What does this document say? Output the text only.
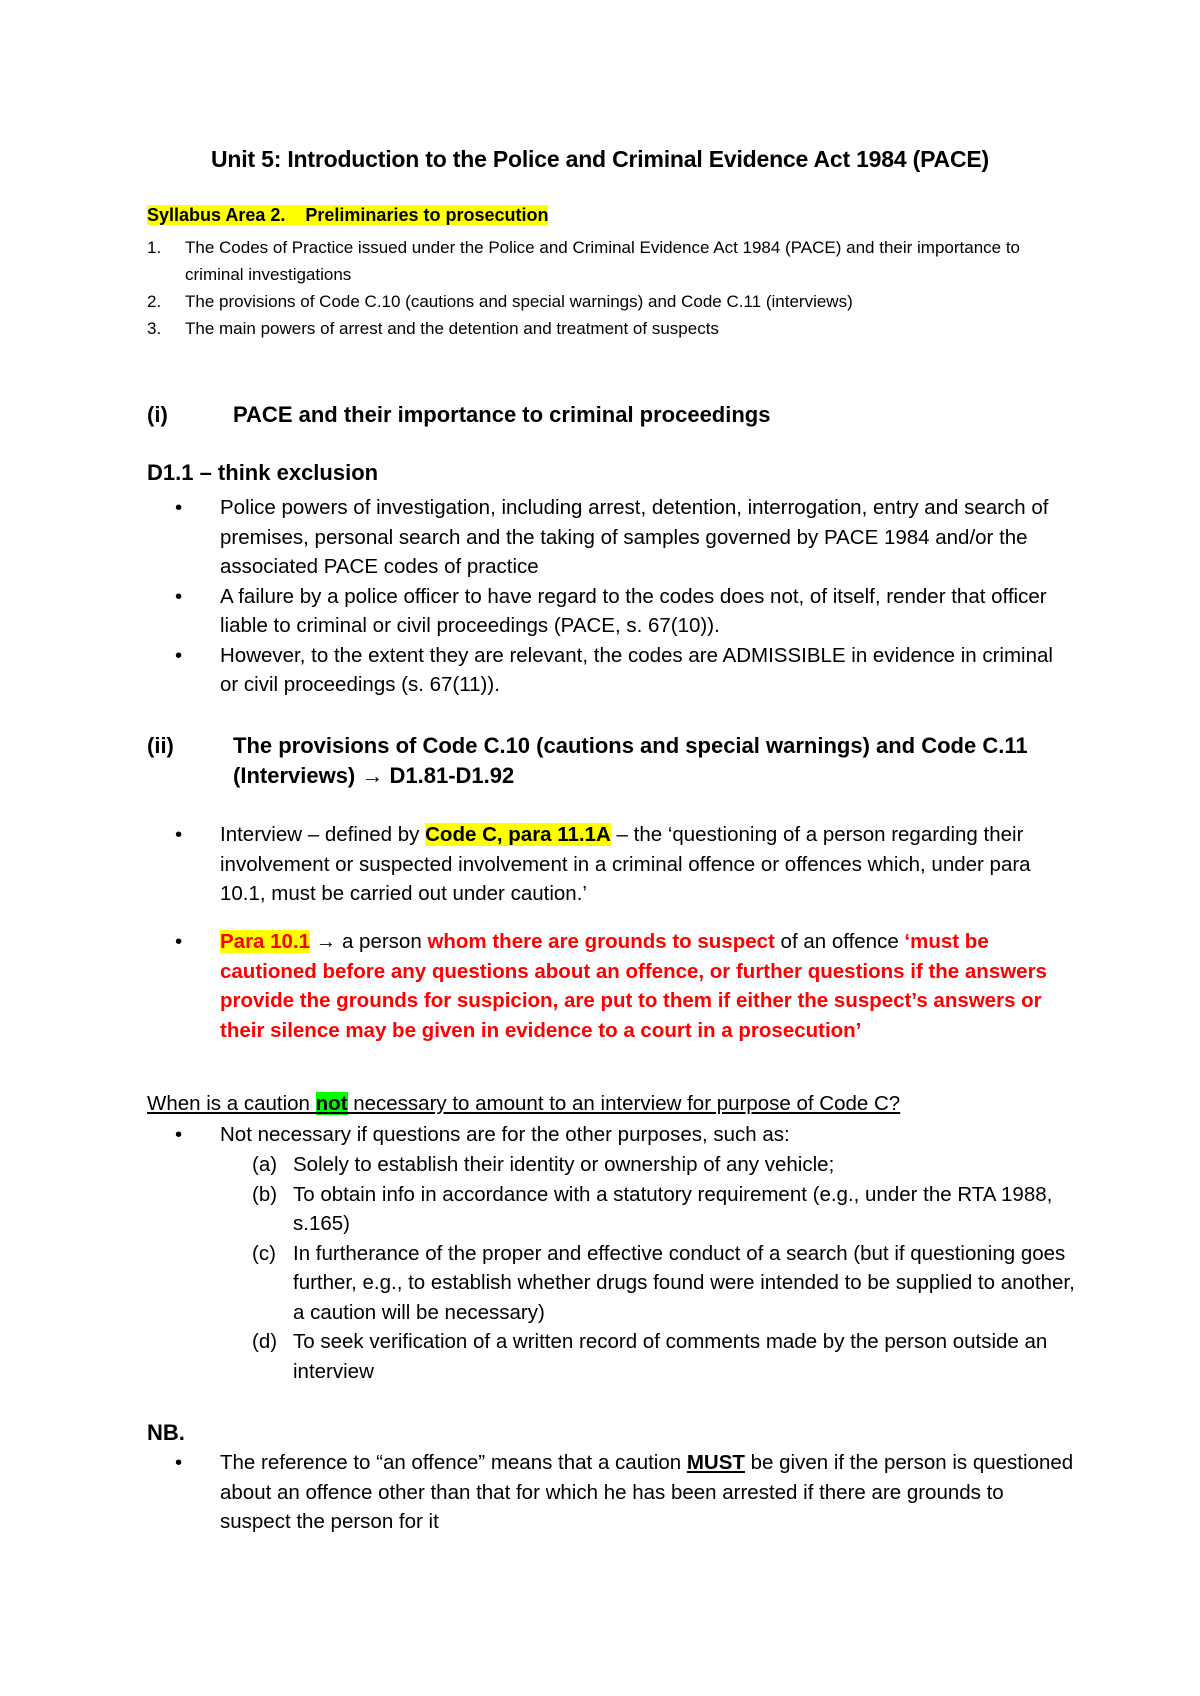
Unit 5: Introduction to the Police and Criminal Evidence Act 1984 (PACE)
Syllabus Area 2.    Preliminaries to prosecution
1.	The Codes of Practice issued under the Police and Criminal Evidence Act 1984 (PACE) and their importance to criminal investigations
2.	The provisions of Code C.10 (cautions and special warnings) and Code C.11 (interviews)
3.	The main powers of arrest and the detention and treatment of suspects
(i)	PACE and their importance to criminal proceedings
D1.1 – think exclusion
•	Police powers of investigation, including arrest, detention, interrogation, entry and search of premises, personal search and the taking of samples governed by PACE 1984 and/or the associated PACE codes of practice
•	A failure by a police officer to have regard to the codes does not, of itself, render that officer liable to criminal or civil proceedings (PACE, s. 67(10)).
•	However, to the extent they are relevant, the codes are ADMISSIBLE in evidence in criminal or civil proceedings (s. 67(11)).
(ii)	The provisions of Code C.10 (cautions and special warnings) and Code C.11
(Interviews) → D1.81-D1.92
•	Interview – defined by Code C, para 11.1A – the ‘questioning of a person regarding their involvement or suspected involvement in a criminal offence or offences which, under para 10.1, must be carried out under caution.’
•	Para 10.1 → a person whom there are grounds to suspect of an offence ‘must be cautioned before any questions about an offence, or further questions if the answers provide the grounds for suspicion, are put to them if either the suspect’s answers or their silence may be given in evidence to a court in a prosecution’
When is a caution not necessary to amount to an interview for purpose of Code C?
•	Not necessary if questions are for the other purposes, such as:
(a) Solely to establish their identity or ownership of any vehicle;
(b) To obtain info in accordance with a statutory requirement (e.g., under the RTA 1988, s.165)
(c) In furtherance of the proper and effective conduct of a search (but if questioning goes further, e.g., to establish whether drugs found were intended to be supplied to another, a caution will be necessary)
(d) To seek verification of a written record of comments made by the person outside an interview
NB.
•	The reference to “an offence” means that a caution MUST be given if the person is questioned about an offence other than that for which he has been arrested if there are grounds to suspect the person for it
